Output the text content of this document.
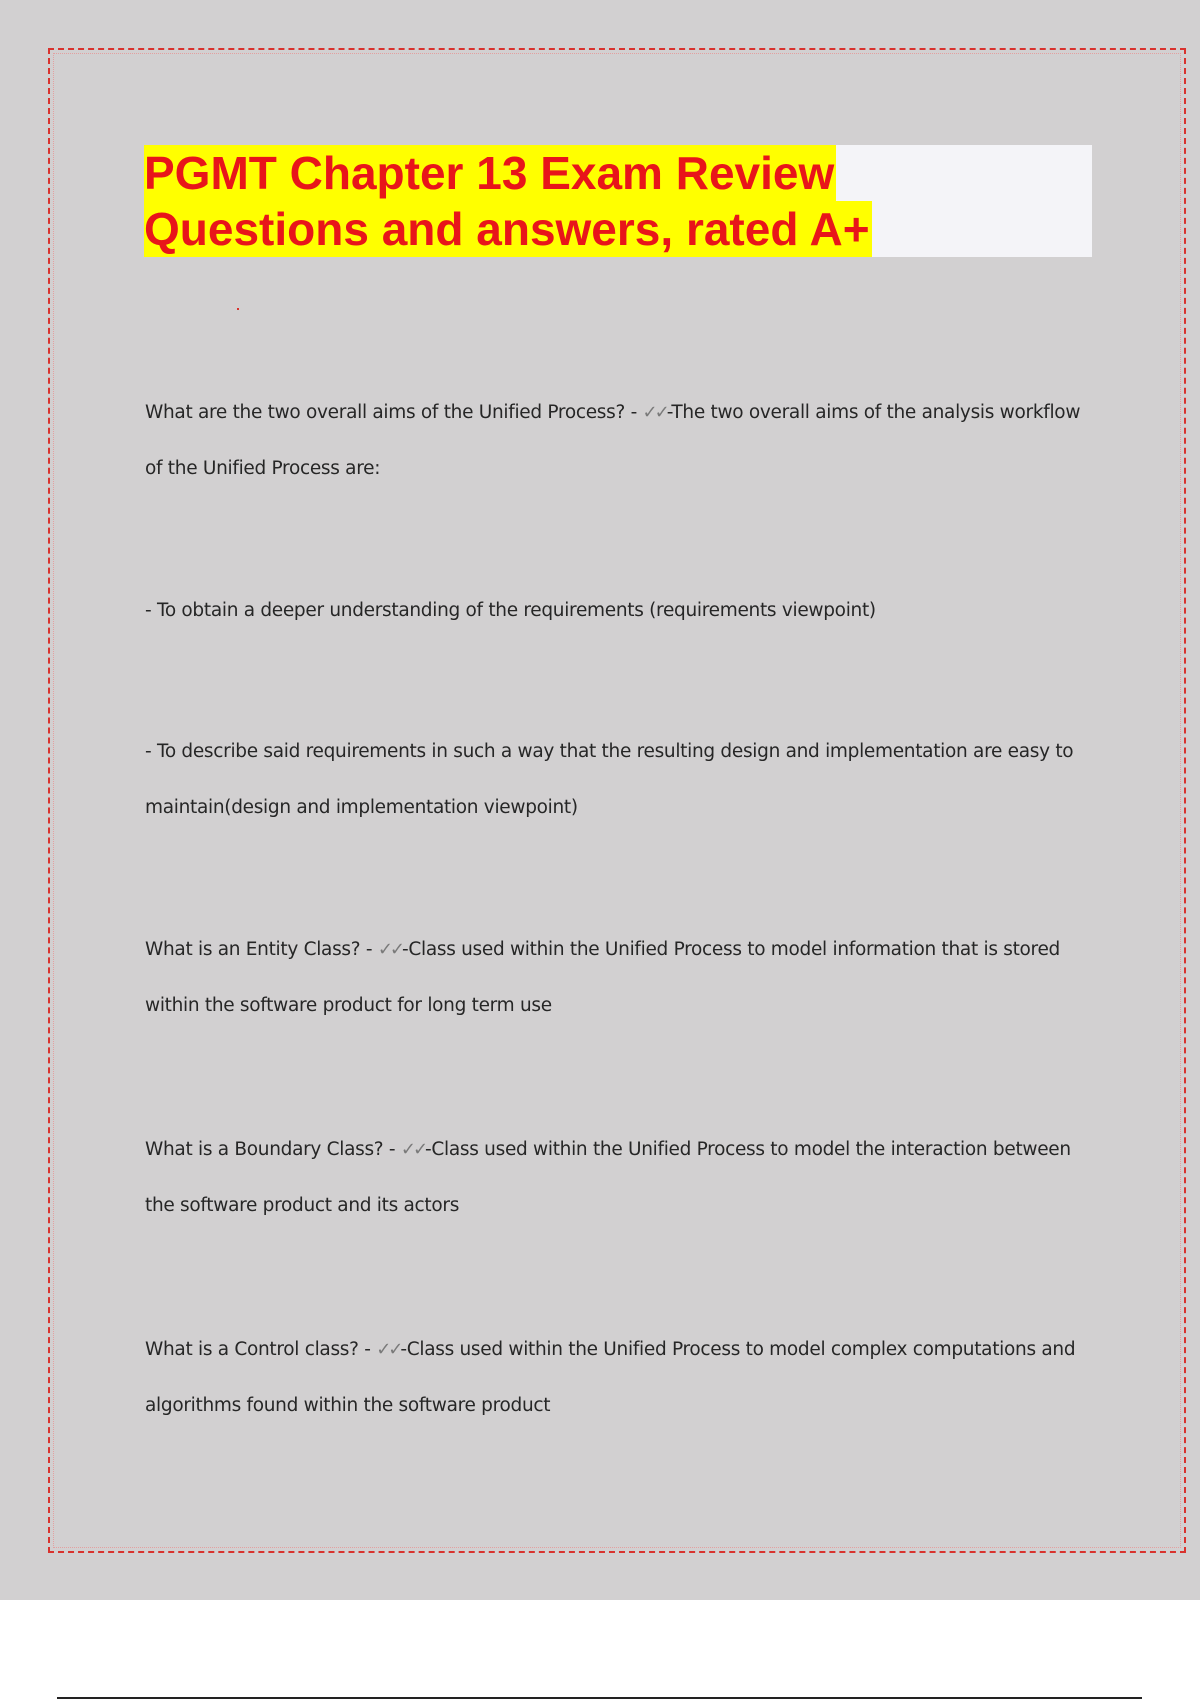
PGMT Chapter 13 Exam Review
Questions and answers, rated A+

What are the two overall aims of the Unified Process? - ✓✓-The two overall aims of the analysis workflow of the Unified Process are:

- To obtain a deeper understanding of the requirements (requirements viewpoint)

- To describe said requirements in such a way that the resulting design and implementation are easy to maintain(design and implementation viewpoint)

What is an Entity Class? - ✓✓-Class used within the Unified Process to model information that is stored within the software product for long term use

What is a Boundary Class? - ✓✓-Class used within the Unified Process to model the interaction between the software product and its actors

What is a Control class? - ✓✓-Class used within the Unified Process to model complex computations and algorithms found within the software product
